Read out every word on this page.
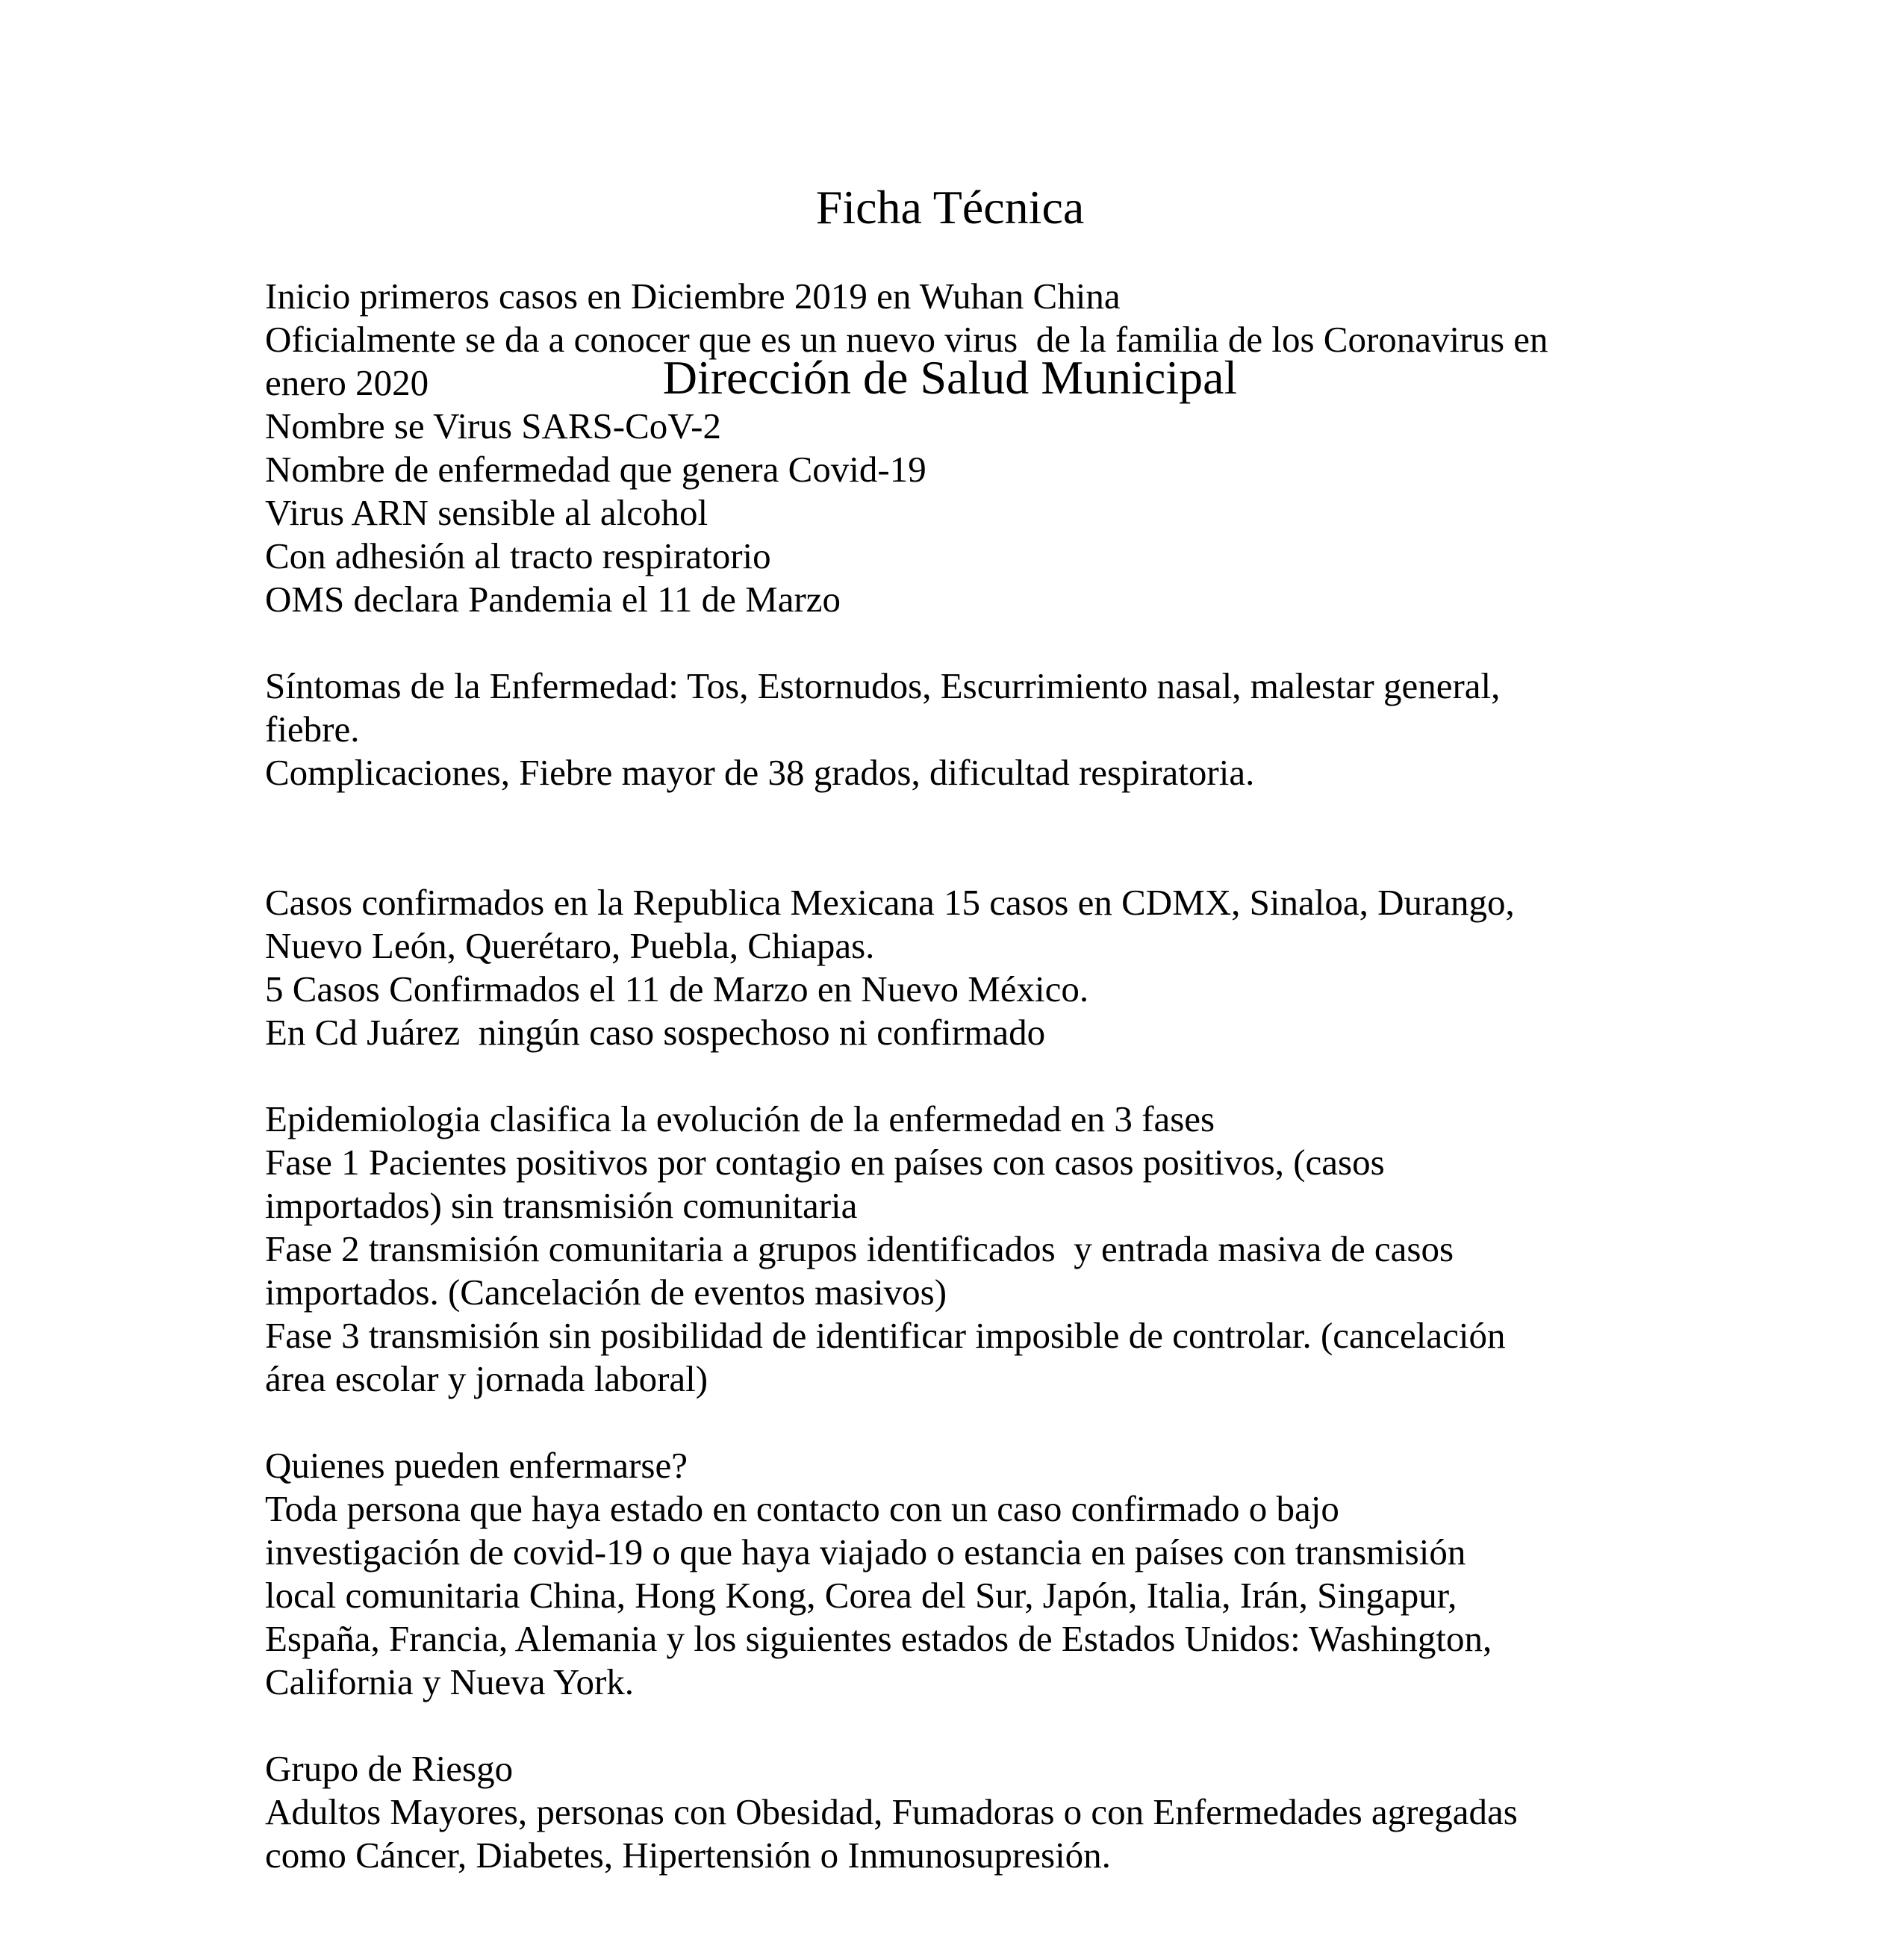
Ficha Técnica

Dirección de Salud Municipal

Inicio primeros casos en Diciembre 2019 en Wuhan China
Oficialmente se da a conocer que es un nuevo virus  de la familia de los Coronavirus en
enero 2020
Nombre se Virus SARS-CoV-2
Nombre de enfermedad que genera Covid-19
Virus ARN sensible al alcohol
Con adhesión al tracto respiratorio
OMS declara Pandemia el 11 de Marzo
Síntomas de la Enfermedad: Tos, Estornudos, Escurrimiento nasal, malestar general,
fiebre.
Complicaciones, Fiebre mayor de 38 grados, dificultad respiratoria.
Casos confirmados en la Republica Mexicana 15 casos en CDMX, Sinaloa, Durango,
Nuevo León, Querétaro, Puebla, Chiapas.
5 Casos Confirmados el 11 de Marzo en Nuevo México.
En Cd Juárez  ningún caso sospechoso ni confirmado
Epidemiologia clasifica la evolución de la enfermedad en 3 fases
Fase 1 Pacientes positivos por contagio en países con casos positivos, (casos
importados) sin transmisión comunitaria
Fase 2 transmisión comunitaria a grupos identificados  y entrada masiva de casos
importados. (Cancelación de eventos masivos)
Fase 3 transmisión sin posibilidad de identificar imposible de controlar. (cancelación
área escolar y jornada laboral)
Quienes pueden enfermarse?
Toda persona que haya estado en contacto con un caso confirmado o bajo
investigación de covid-19 o que haya viajado o estancia en países con transmisión
local comunitaria China, Hong Kong, Corea del Sur, Japón, Italia, Irán, Singapur,
España, Francia, Alemania y los siguientes estados de Estados Unidos: Washington,
California y Nueva York.
Grupo de Riesgo
Adultos Mayores, personas con Obesidad, Fumadoras o con Enfermedades agregadas
como Cáncer, Diabetes, Hipertensión o Inmunosupresión.
